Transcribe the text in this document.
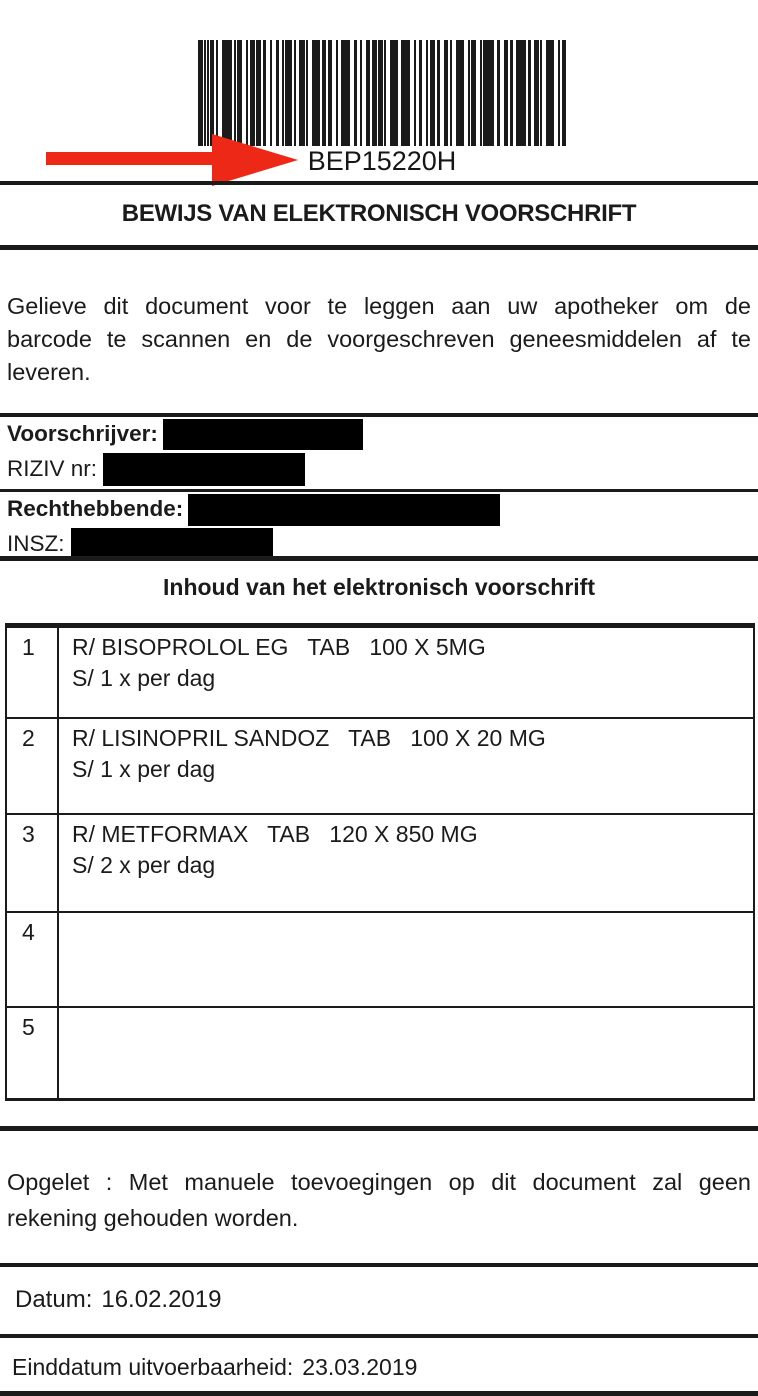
BEP15220H
BEWIJS VAN ELEKTRONISCH VOORSCHRIFT
Gelieve dit document voor te leggen aan uw apotheker om de
barcode te scannen en de voorgeschreven geneesmiddelen af te
leveren.
Voorschrijver:
RIZIV nr:
Rechthebbende:
INSZ:
Inhoud van het elektronisch voorschrift
1	R/ BISOPROLOL EG   TAB   100 X 5MG
S/ 1 x per dag
2	R/ LISINOPRIL SANDOZ   TAB   100 X 20 MG
S/ 1 x per dag
3	R/ METFORMAX   TAB   120 X 850 MG
S/ 2 x per dag
4
5
Opgelet : Met manuele toevoegingen op dit document zal geen
rekening gehouden worden.
Datum: 16.02.2019
Einddatum uitvoerbaarheid: 23.03.2019
